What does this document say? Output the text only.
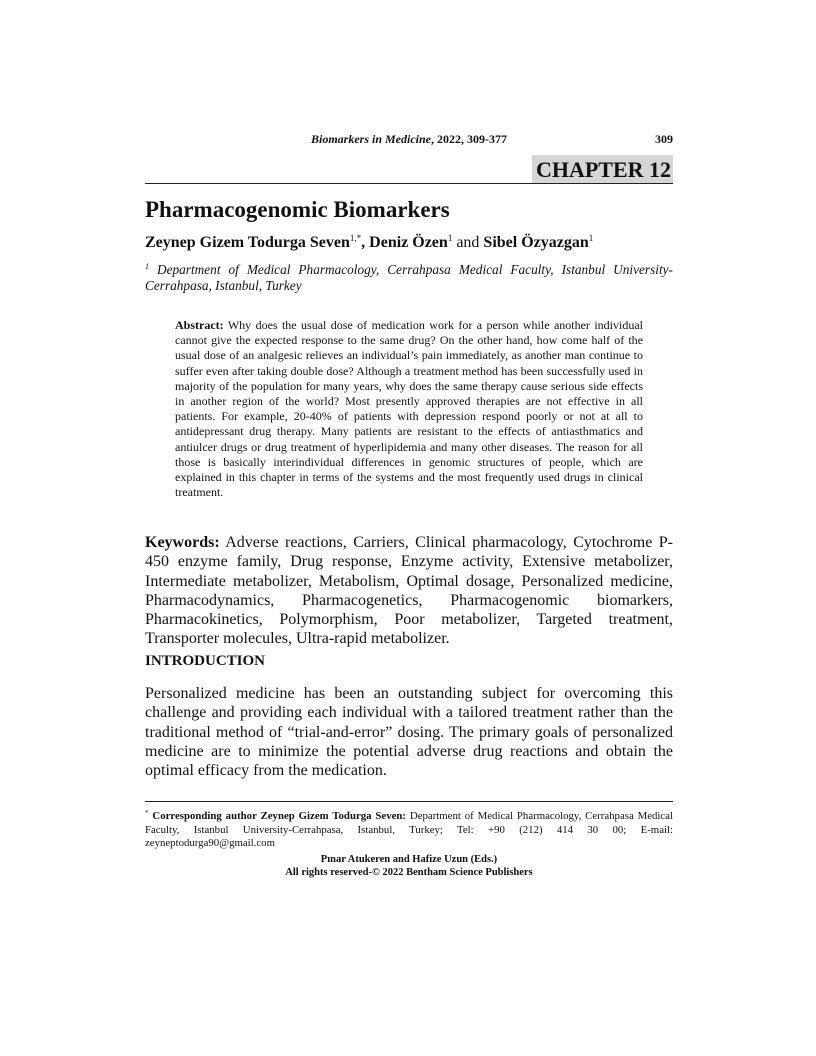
Biomarkers in Medicine, 2022, 309-377	309
CHAPTER 12
Pharmacogenomic Biomarkers
Zeynep Gizem Todurga Seven$^{1,*}$, Deniz Özen$^1$ and Sibel Özyazgan$^1$
$^1$ Department of Medical Pharmacology, Cerrahpasa Medical Faculty, Istanbul University-Cerrahpasa, Istanbul, Turkey
Abstract: Why does the usual dose of medication work for a person while another individual cannot give the expected response to the same drug? On the other hand, how come half of the usual dose of an analgesic relieves an individual’s pain immediately, as another man continue to suffer even after taking double dose? Although a treatment method has been successfully used in majority of the population for many years, why does the same therapy cause serious side effects in another region of the world? Most presently approved therapies are not effective in all patients. For example, 20-40% of patients with depression respond poorly or not at all to antidepressant drug therapy. Many patients are resistant to the effects of antiasthmatics and antiulcer drugs or drug treatment of hyperlipidemia and many other diseases. The reason for all those is basically interindividual differences in genomic structures of people, which are explained in this chapter in terms of the systems and the most frequently used drugs in clinical treatment.
Keywords: Adverse reactions, Carriers, Clinical pharmacology, Cytochrome P-450 enzyme family, Drug response, Enzyme activity, Extensive metabolizer, Intermediate metabolizer, Metabolism, Optimal dosage, Personalized medicine, Pharmacodynamics, Pharmacogenetics, Pharmacogenomic biomarkers, Pharmacokinetics, Polymorphism, Poor metabolizer, Targeted treatment, Transporter molecules, Ultra-rapid metabolizer.
INTRODUCTION
Personalized medicine has been an outstanding subject for overcoming this challenge and providing each individual with a tailored treatment rather than the traditional method of “trial-and-error” dosing. The primary goals of personalized medicine are to minimize the potential adverse drug reactions and obtain the optimal efficacy from the medication.
* Corresponding author Zeynep Gizem Todurga Seven: Department of Medical Pharmacology, Cerrahpasa Medical Faculty, Istanbul University-Cerrahpasa, Istanbul, Turkey; Tel: +90 (212) 414 30 00; E-mail: zeyneptodurga90@gmail.com
Pınar Atukeren and Hafize Uzun (Eds.)
All rights reserved-© 2022 Bentham Science Publishers
